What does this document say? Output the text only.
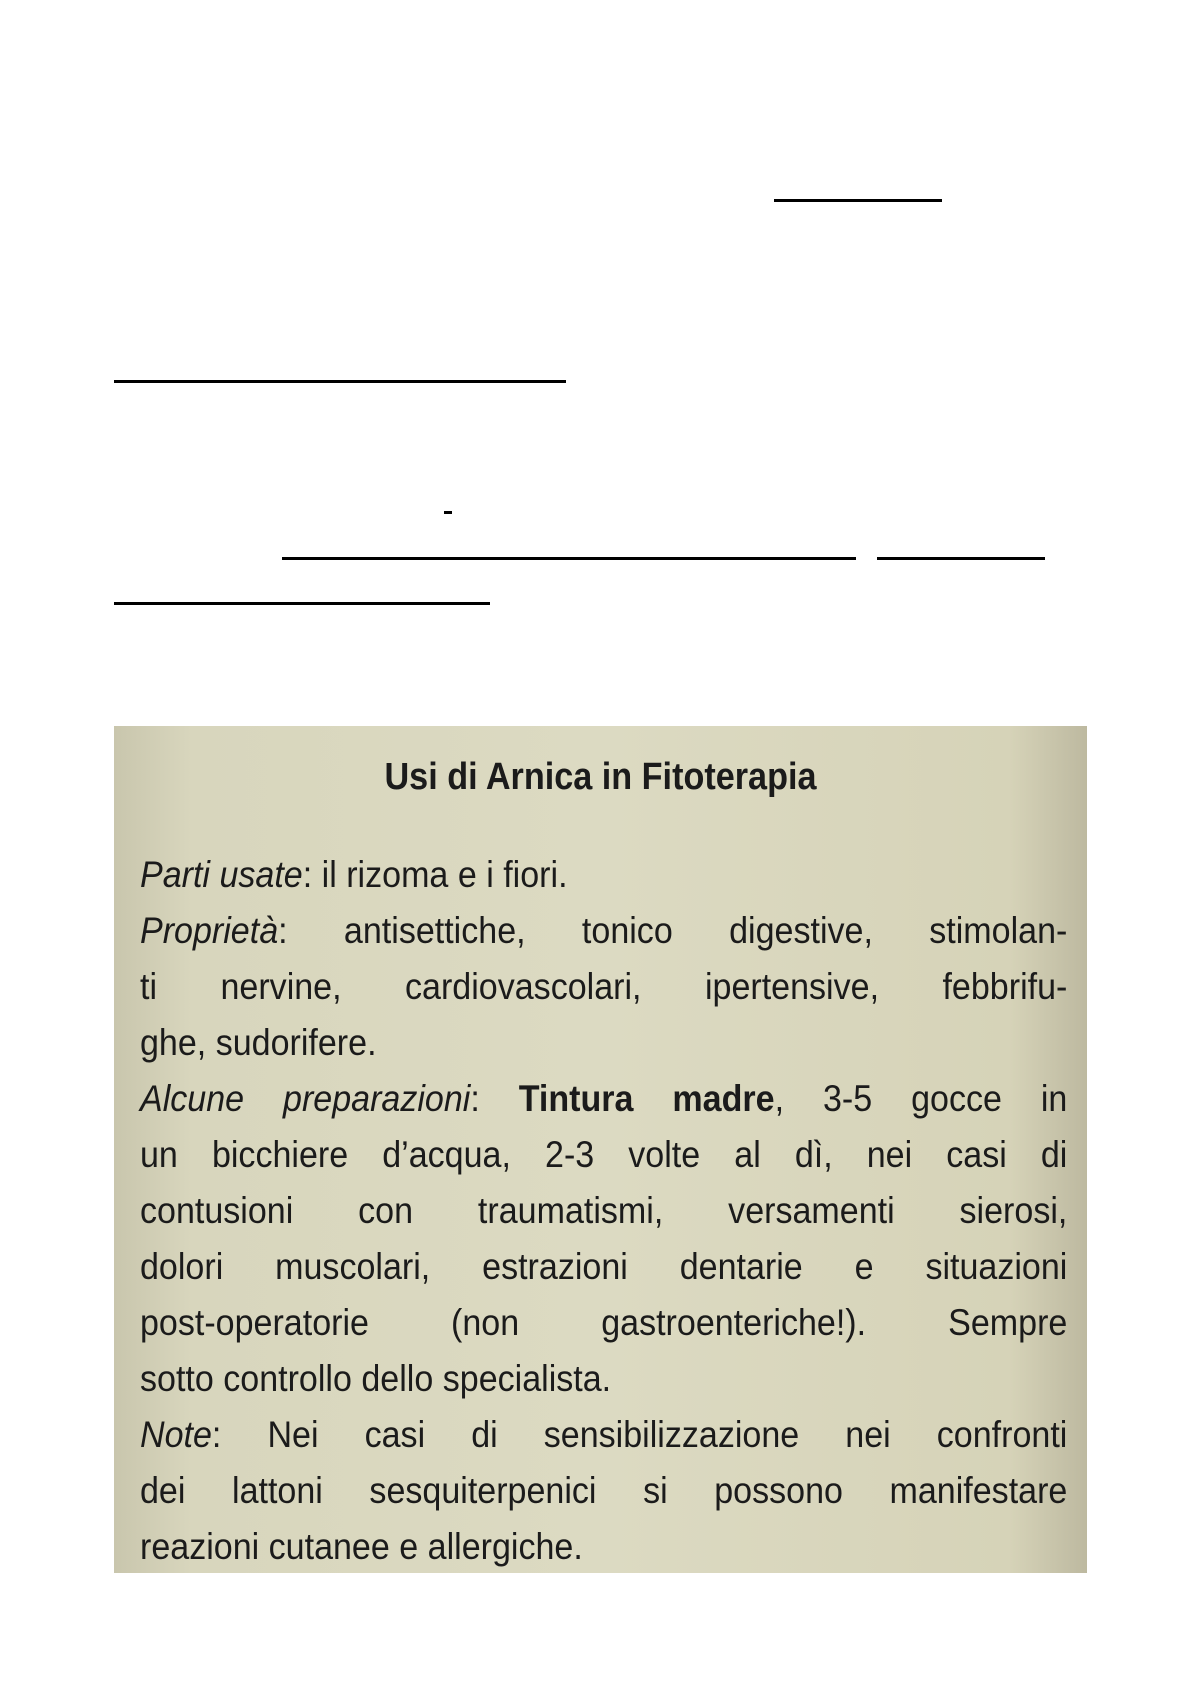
Usi di Arnica in Fitoterapia
Parti usate: il rizoma e i fiori.
Proprietà: antisettiche, tonico digestive, stimolan-
ti nervine, cardiovascolari, ipertensive, febbrifu-
ghe, sudorifere.
Alcune preparazioni: Tintura madre, 3-5 gocce in
un bicchiere d’acqua, 2-3 volte al dì, nei casi di
contusioni con traumatismi, versamenti sierosi,
dolori muscolari, estrazioni dentarie e situazioni
post-operatorie (non gastroenteriche!). Sempre
sotto controllo dello specialista.
Note: Nei casi di sensibilizzazione nei confronti
dei lattoni sesquiterpenici si possono manifestare
reazioni cutanee e allergiche.
